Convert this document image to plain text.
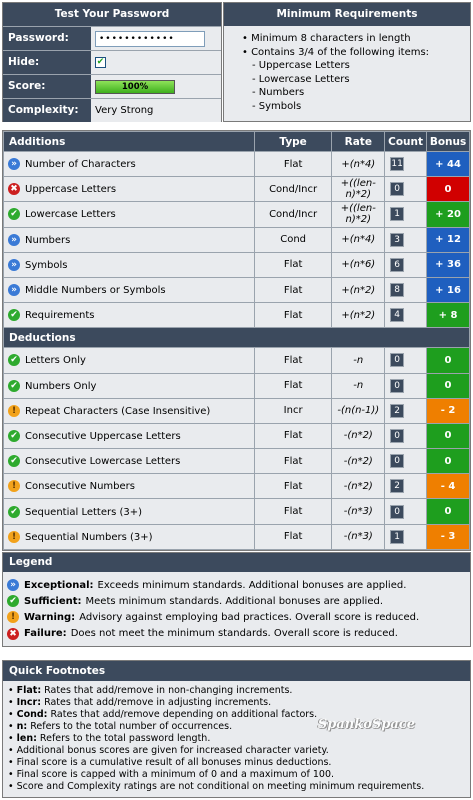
Test Your Password
Password:	••••••••••••
Hide:	✔
Score:	100%
Complexity:	Very Strong
Minimum Requirements
• Minimum 8 characters in length
• Contains 3/4 of the following items:
- Uppercase Letters
- Lowercase Letters
- Numbers
- Symbols
Additions	Type	Rate	Count	Bonus
» Number of Characters	Flat	+(n*4)	11	+ 44
✖ Uppercase Letters	Cond/Incr	+((len-n)*2)	0	0
✔ Lowercase Letters	Cond/Incr	+((len-n)*2)	1	+ 20
» Numbers	Cond	+(n*4)	3	+ 12
» Symbols	Flat	+(n*6)	6	+ 36
» Middle Numbers or Symbols	Flat	+(n*2)	8	+ 16
✔ Requirements	Flat	+(n*2)	4	+ 8
Deductions				
✔ Letters Only	Flat	-n	0	0
✔ Numbers Only	Flat	-n	0	0
! Repeat Characters (Case Insensitive)	Incr	-(n(n-1))	2	- 2
✔ Consecutive Uppercase Letters	Flat	-(n*2)	0	0
✔ Consecutive Lowercase Letters	Flat	-(n*2)	0	0
! Consecutive Numbers	Flat	-(n*2)	2	- 4
✔ Sequential Letters (3+)	Flat	-(n*3)	0	0
! Sequential Numbers (3+)	Flat	-(n*3)	1	- 3
Legend
» Exceptional: Exceeds minimum standards. Additional bonuses are applied.
✔ Sufficient: Meets minimum standards. Additional bonuses are applied.
! Warning: Advisory against employing bad practices. Overall score is reduced.
✖ Failure: Does not meet the minimum standards. Overall score is reduced.
Quick Footnotes
SpankoSpace
• Flat: Rates that add/remove in non-changing increments.
• Incr: Rates that add/remove in adjusting increments.
• Cond: Rates that add/remove depending on additional factors.
• n: Refers to the total number of occurrences.
• len: Refers to the total password length.
• Additional bonus scores are given for increased character variety.
• Final score is a cumulative result of all bonuses minus deductions.
• Final score is capped with a minimum of 0 and a maximum of 100.
• Score and Complexity ratings are not conditional on meeting minimum requirements.
